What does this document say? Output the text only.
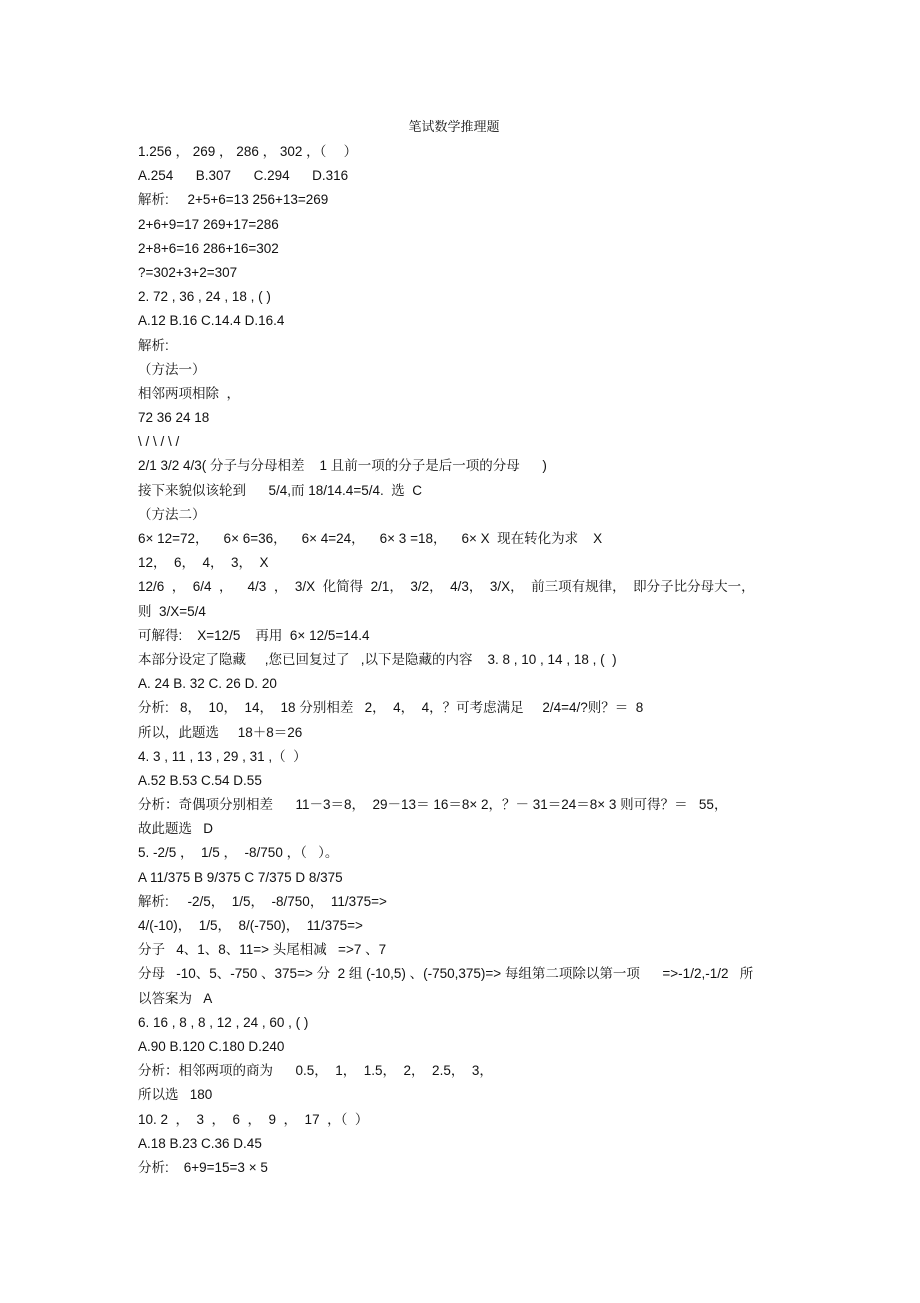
笔试数学推理题
1.256 ， 269 ， 286 ， 302 ，（　 ）
A.254      B.307      C.294      D.316
解析:     2+5+6=13 256+13=269
2+6+9=17 269+17=286
2+8+6=16 286+16=302
?=302+3+2=307
2. 72 , 36 , 24 , 18 , ( )
A.12 B.16 C.14.4 D.16.4
解析:
（方法一）
相邻两项相除  ，
72 36 24 18
\ / \ / \ /
2/1 3/2 4/3( 分子与分母相差    1 且前一项的分子是后一项的分母      )
接下来貌似该轮到      5/4,而 18/14.4=5/4.  选  C
（方法二）
6× 12=72，    6× 6=36，    6× 4=24，    6× 3 =18，    6× X  现在转化为求    X
12，  6，  4，  3，  X
12/6  ，  6/4  ，    4/3  ，  3/X  化简得  2/1，  3/2，  4/3，  3/X，  前三项有规律，  即分子比分母大一，
则  3/X=5/4
可解得:    X=12/5    再用  6× 12/5=14.4
本部分设定了隐藏     ,您已回复过了   ,以下是隐藏的内容    3. 8 , 10 , 14 , 18 , (  )
A. 24 B. 32 C. 26 D. 20
分析:   8，  10，  14，  18 分别相差   2，  4，  4，？可考虑满足     2/4=4/?则？＝  8
所以，此题选     18＋8＝26
4. 3 , 11 , 13 , 29 , 31 ,（  ）
A.52 B.53 C.54 D.55
分析：奇偶项分别相差      11－3＝8，  29－13＝ 16＝8× 2，？－ 31＝24＝8× 3 则可得？＝   55，
故此题选   D
5. -2/5 ，  1/5 ，  -8/750 ，（   ）。
A 11/375 B 9/375 C 7/375 D 8/375
解析:     -2/5，  1/5，  -8/750，  11/375=>
4/(-10)，  1/5，  8/(-750)，  11/375=>
分子   4、1、8、11=> 头尾相减   =>7 、7
分母   -10、5、-750 、375=> 分  2 组 (-10,5) 、(-750,375)=> 每组第二项除以第一项      =>-1/2,-1/2   所
以答案为   A
6. 16 , 8 , 8 , 12 , 24 , 60 , ( )
A.90 B.120 C.180 D.240
分析：相邻两项的商为      0.5，  1，  1.5，  2，  2.5，  3，
所以选   180
10. 2  ，  3  ，  6  ，  9  ，  17  ，（  ）
A.18 B.23 C.36 D.45
分析:    6+9=15=3 × 5
